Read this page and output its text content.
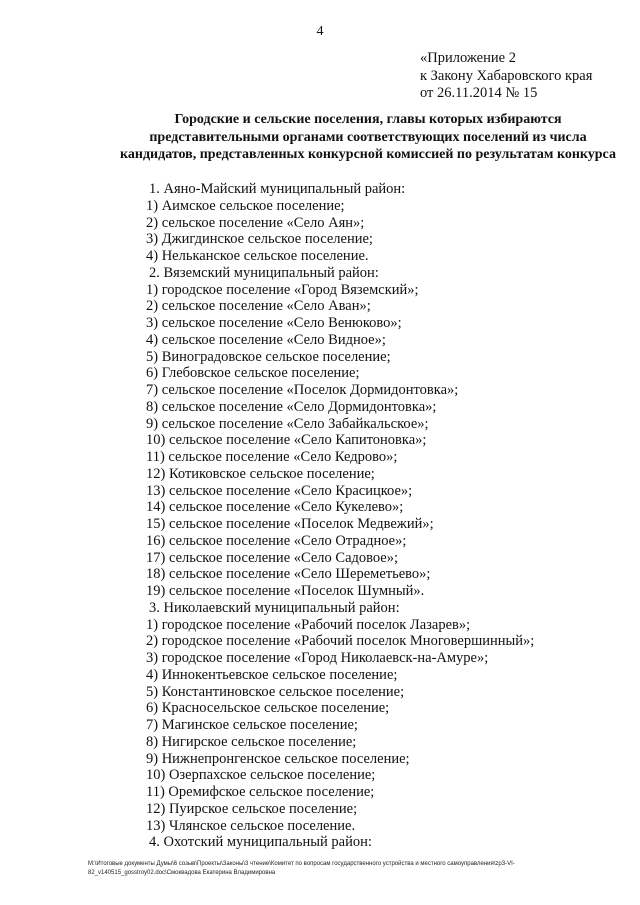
4
«Приложение 2
к Закону Хабаровского края
от 26.11.2014 № 15
Городские и сельские поселения, главы которых избираются
представительными органами соответствующих поселений из числа
кандидатов, представленных конкурсной комиссией по результатам конкурса
1. Аяно-Майский муниципальный район:
1) Аимское сельское поселение;
2) сельское поселение «Село Аян»;
3) Джигдинское сельское поселение;
4) Нельканское сельское поселение.
2. Вяземский муниципальный район:
1) городское поселение «Город Вяземский»;
2) сельское поселение «Село Аван»;
3) сельское поселение «Село Венюково»;
4) сельское поселение «Село Видное»;
5) Виноградовское сельское поселение;
6) Глебовское сельское поселение;
7) сельское поселение «Поселок Дормидонтовка»;
8) сельское поселение «Село Дормидонтовка»;
9) сельское поселение «Село Забайкальское»;
10) сельское поселение «Село Капитоновка»;
11) сельское поселение «Село Кедрово»;
12) Котиковское сельское поселение;
13) сельское поселение «Село Красицкое»;
14) сельское поселение «Село Кукелево»;
15) сельское поселение «Поселок Медвежий»;
16) сельское поселение «Село Отрадное»;
17) сельское поселение «Село Садовое»;
18) сельское поселение «Село Шереметьево»;
19) сельское поселение «Поселок Шумный».
3. Николаевский муниципальный район:
1) городское поселение «Рабочий поселок Лазарев»;
2) городское поселение «Рабочий поселок Многовершинный»;
3) городское поселение «Город Николаевск-на-Амуре»;
4) Иннокентьевское сельское поселение;
5) Константиновское сельское поселение;
6) Красносельское сельское поселение;
7) Магинское сельское поселение;
8) Нигирское сельское поселение;
9) Нижнепронгенское сельское поселение;
10) Озерпахское сельское поселение;
11) Оремифское сельское поселение;
12) Пуирское сельское поселение;
13) Члянское сельское поселение.
4. Охотский муниципальный район:
M:\Итоговые документы Думы\6 созыв\Проекты\Законы\3 чтение\Комитет по вопросам государственного устройства и местного самоуправления\zp3-VI-
82_v140515_gosstroy02.doc\Смоквадова Екатерина Владимировна
